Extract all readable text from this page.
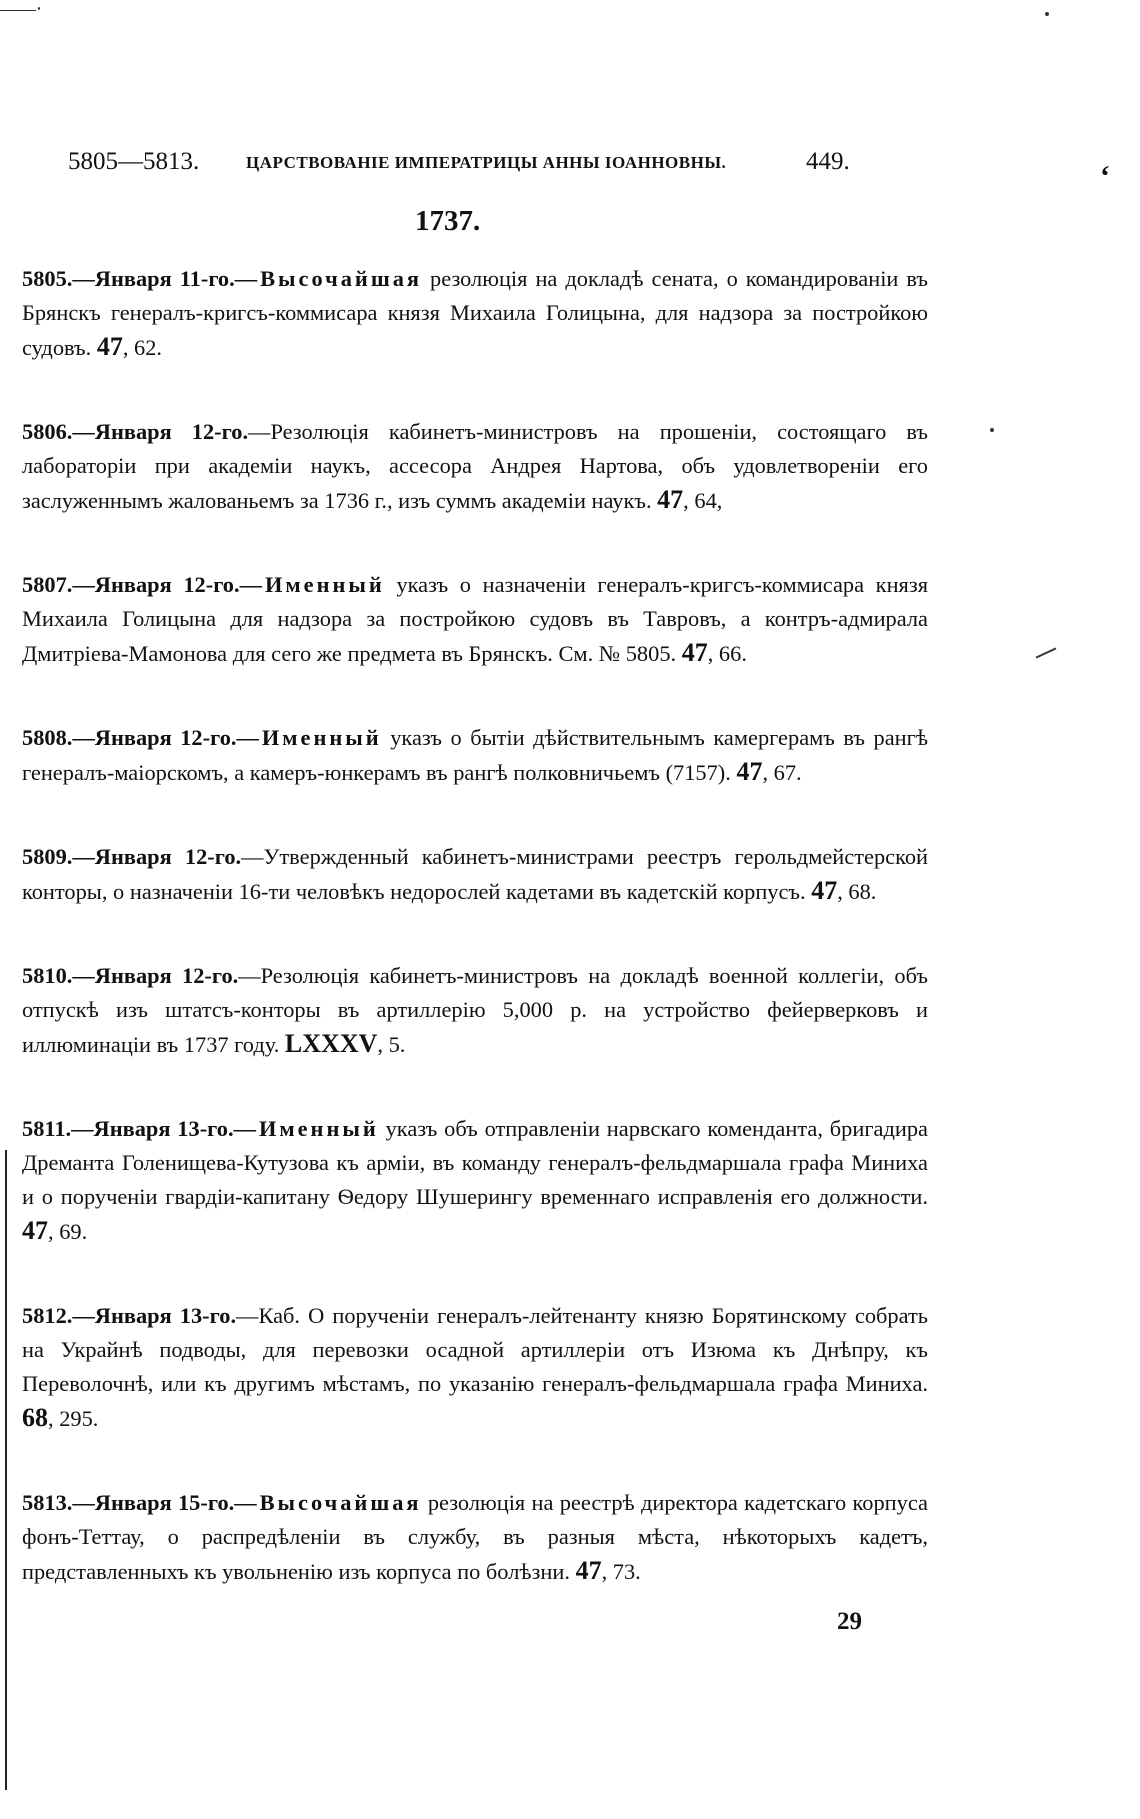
——‧
‘
5805—5813.	ЦАРСТВОВАНІЕ ИМПЕРАТРИЦЫ АННЫ ІОАННОВНЫ.	449.
1737.

5805.—Января 11-го.—Высочайшая резолюція на докладѣ сената, о командированіи въ Брянскъ генералъ-кригсъ-коммисара князя Михаила Голицына, для надзора за постройкою судовъ. 47, 62.

5806.—Января 12-го.—Резолюція кабинетъ-министровъ на прошеніи, состоящаго въ лабораторіи при академіи наукъ, ассесора Андрея Нартова, объ удовлетвореніи его заслуженнымъ жалованьемъ за 1736 г., изъ суммъ академіи наукъ. 47, 64,

5807.—Января 12-го.—Именный указъ о назначеніи генералъ-кригсъ-коммисара князя Михаила Голицына для надзора за постройкою судовъ въ Тавровъ, а контръ-адмирала Дмитріева-Мамонова для сего же предмета въ Брянскъ. См. № 5805. 47, 66.

5808.—Января 12-го.—Именный указъ о бытіи дѣйствительнымъ камергерамъ въ рангѣ генералъ-маіорскомъ, а камеръ-юнкерамъ въ рангѣ полковничьемъ (7157). 47, 67.

5809.—Января 12-го.—Утвержденный кабинетъ-министрами реестръ герольдмейстерской конторы, о назначеніи 16-ти человѣкъ недорослей кадетами въ кадетскій корпусъ. 47, 68.

5810.—Января 12-го.—Резолюція кабинетъ-министровъ на докладѣ военной коллегіи, объ отпускѣ изъ штатсъ-конторы въ артиллерію 5,000 р. на устройство фейерверковъ и иллюминаціи въ 1737 году. LXXXV, 5.

5811.—Января 13-го.—Именный указъ объ отправленіи нарвскаго коменданта, бригадира Дреманта Голенищева-Кутузова къ арміи, въ команду генералъ-фельдмаршала графа Миниха и о порученіи гвардіи-капитану Ѳедору Шушерингу временнаго исправленія его должности. 47, 69.

5812.—Января 13-го.—Каб. О порученіи генералъ-лейтенанту князю Борятинскому собрать на Украйнѣ подводы, для перевозки осадной артиллеріи отъ Изюма къ Днѣпру, къ Переволочнѣ, или къ другимъ мѣстамъ, по указанію генералъ-фельдмаршала графа Миниха. 68, 295.

5813.—Января 15-го.—Высочайшая резолюція на реестрѣ директора кадетскаго корпуса фонъ-Теттау, о распредѣленіи въ службу, въ разныя мѣста, нѣкоторыхъ кадетъ, представленныхъ къ увольненію изъ корпуса по болѣзни. 47, 73.

29
